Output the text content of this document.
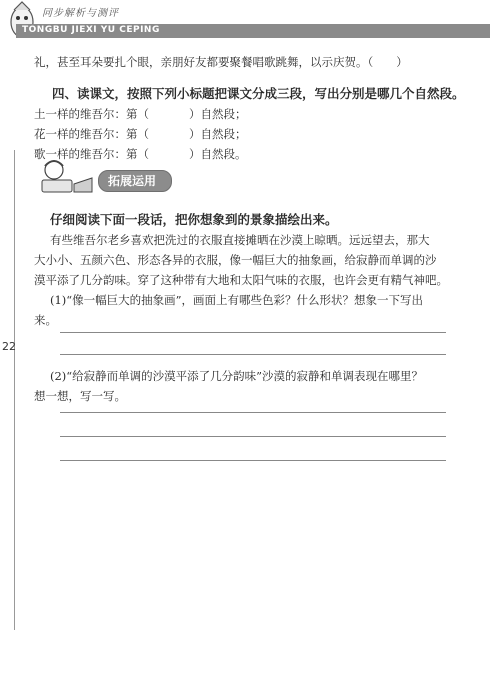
同步解析与测评
TONGBU JIEXI YU CEPING
礼，甚至耳朵要扎个眼，亲朋好友都要聚餐唱歌跳舞，以示庆贺。（　　）
四、读课文，按照下列小标题把课文分成三段，写出分别是哪几个自然段。
土一样的维吾尔：第（	）自然段；
花一样的维吾尔：第（	）自然段；
歌一样的维吾尔：第（	）自然段。
拓展运用
仔细阅读下面一段话，把你想象到的景象描绘出来。
有些维吾尔老乡喜欢把洗过的衣服直接摊晒在沙漠上晾晒。远远望去，那大
大小小、五颜六色、形态各异的衣服，像一幅巨大的抽象画，给寂静而单调的沙
漠平添了几分韵味。穿了这种带有大地和太阳气味的衣服，也许会更有精气神吧。
(1)“像一幅巨大的抽象画”，画面上有哪些色彩？什么形状？想象一下写出
来。
22
(2)“给寂静而单调的沙漠平添了几分韵味”沙漠的寂静和单调表现在哪里？
想一想，写一写。
